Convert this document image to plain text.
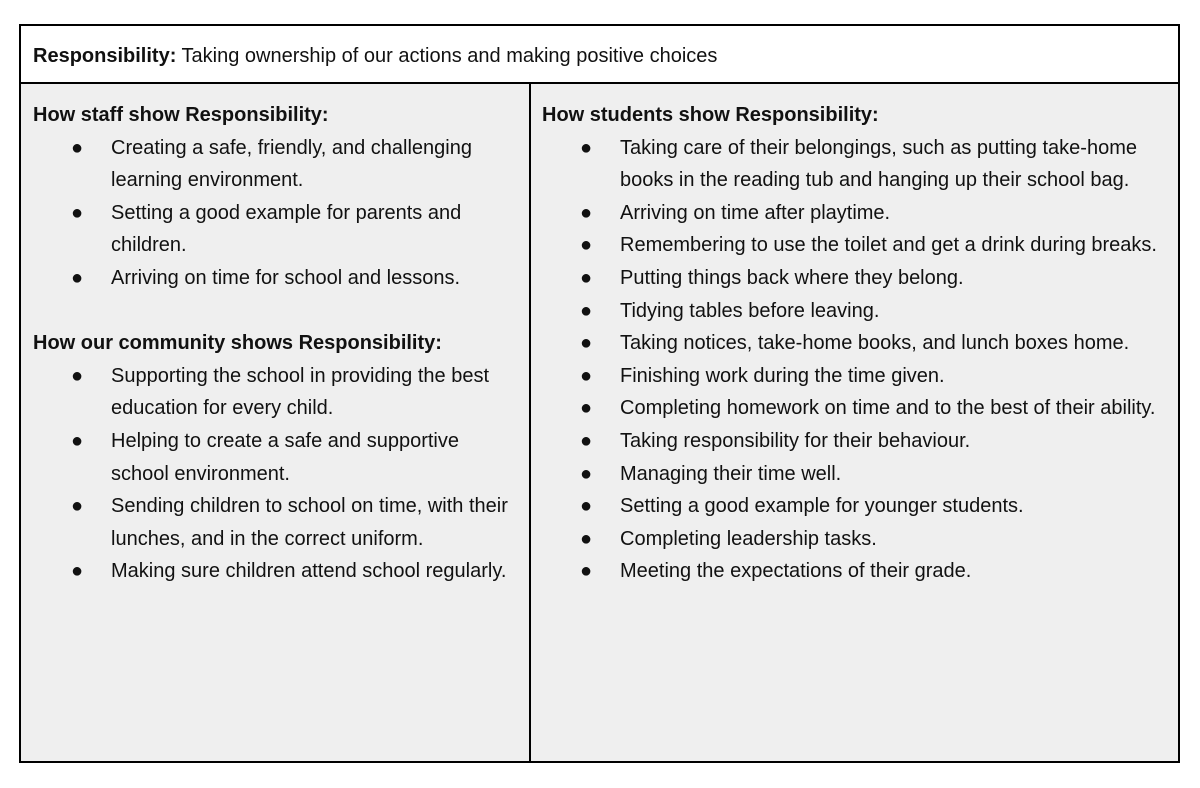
Responsibility: Taking ownership of our actions and making positive choices
How staff show Responsibility:
● Creating a safe, friendly, and challenging learning environment.
● Setting a good example for parents and children.
● Arriving on time for school and lessons.
How our community shows Responsibility:
● Supporting the school in providing the best education for every child.
● Helping to create a safe and supportive school environment.
● Sending children to school on time, with their lunches, and in the correct uniform.
● Making sure children attend school regularly.
How students show Responsibility:
● Taking care of their belongings, such as putting take-home books in the reading tub and hanging up their school bag.
● Arriving on time after playtime.
● Remembering to use the toilet and get a drink during breaks.
● Putting things back where they belong.
● Tidying tables before leaving.
● Taking notices, take-home books, and lunch boxes home.
● Finishing work during the time given.
● Completing homework on time and to the best of their ability.
● Taking responsibility for their behaviour.
● Managing their time well.
● Setting a good example for younger students.
● Completing leadership tasks.
● Meeting the expectations of their grade.
